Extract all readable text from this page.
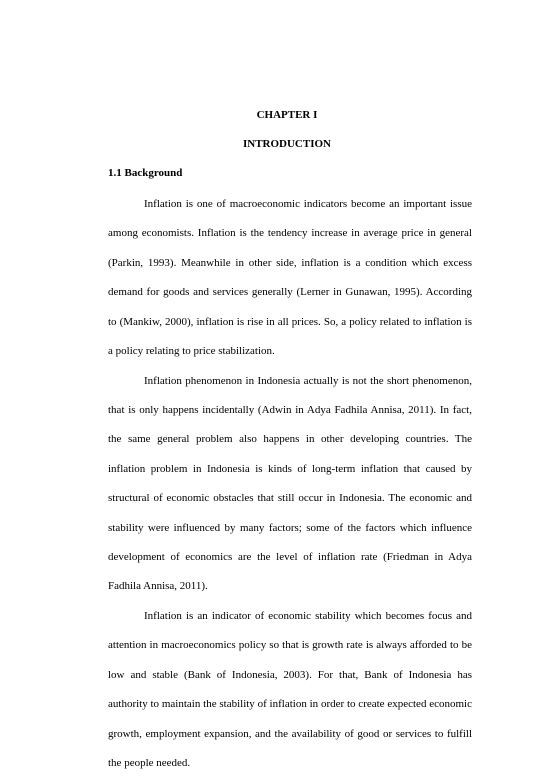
CHAPTER I
INTRODUCTION
1.1 Background
Inflation is one of macroeconomic indicators become an important issue
among economists. Inflation is the tendency increase in average price in general
(Parkin, 1993). Meanwhile in other side, inflation is a condition which excess
demand for goods and services generally (Lerner in Gunawan, 1995). According
to (Mankiw, 2000), inflation is rise in all prices. So, a policy related to inflation is
a policy relating to price stabilization.
Inflation phenomenon in Indonesia actually is not the short phenomenon,
that is only happens incidentally (Adwin in Adya Fadhila Annisa, 2011). In fact,
the same general problem also happens in other developing countries. The
inflation problem in Indonesia is kinds of long-term inflation that caused by
structural of economic obstacles that still occur in Indonesia. The economic and
stability were influenced by many factors; some of the factors which influence
development of economics are the level of inflation rate (Friedman in Adya
Fadhila Annisa, 2011).
Inflation is an indicator of economic stability which becomes focus and
attention in macroeconomics policy so that is growth rate is always afforded to be
low and stable (Bank of Indonesia, 2003). For that, Bank of Indonesia has
authority to maintain the stability of inflation in order to create expected economic
growth, employment expansion, and the availability of good or services to fulfill
the people needed.
